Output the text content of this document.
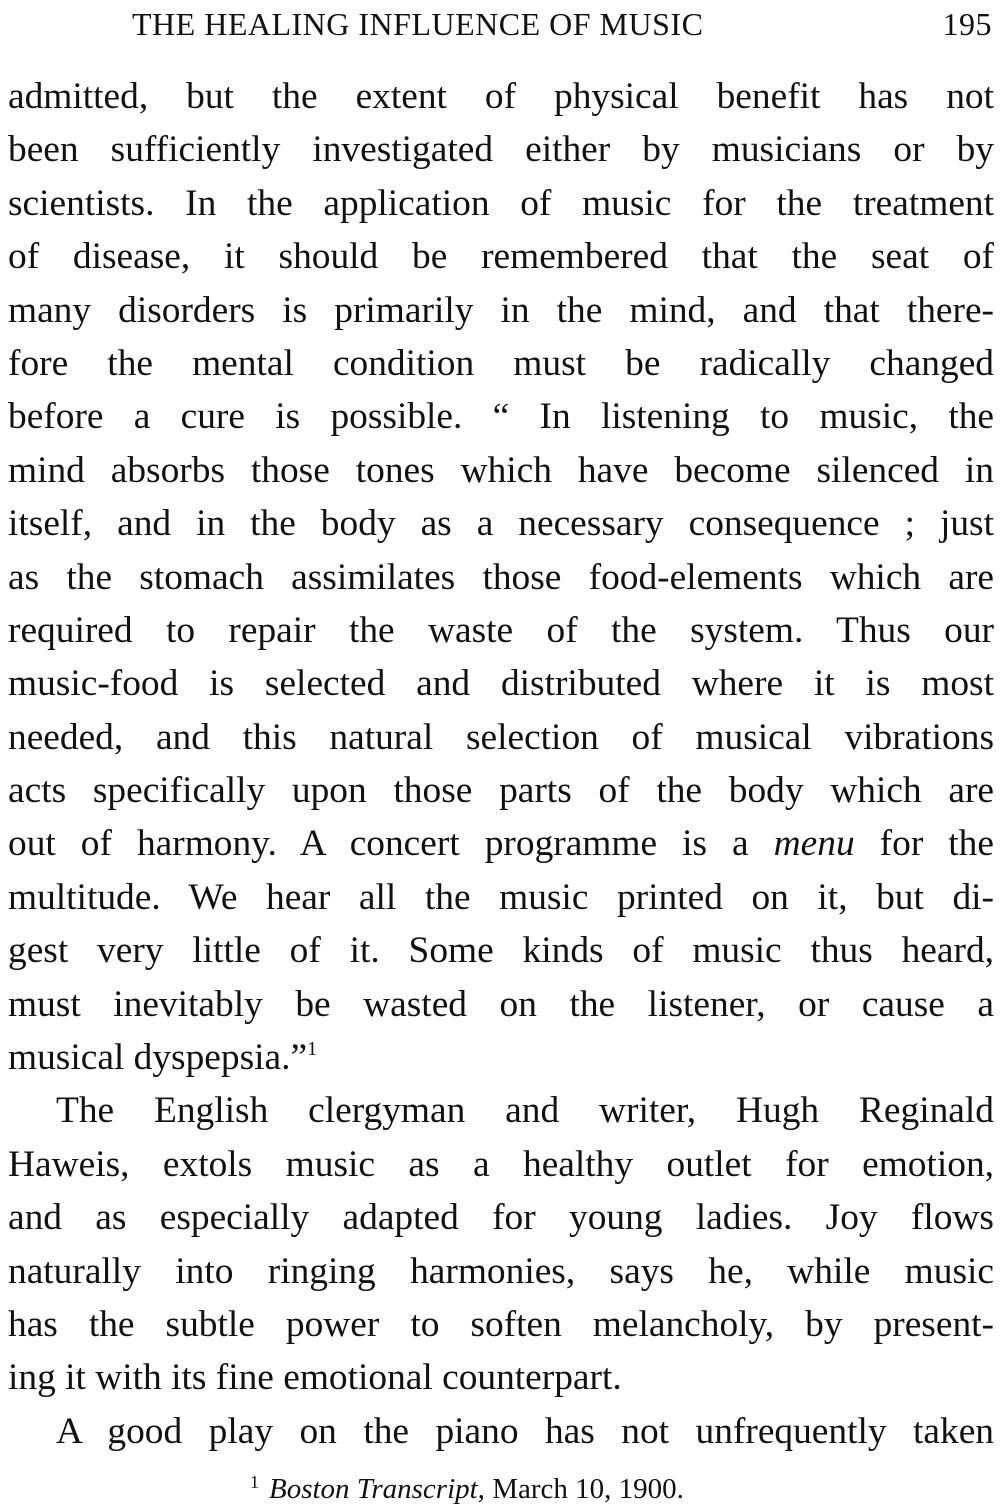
THE HEALING INFLUENCE OF MUSIC	195
admitted, but the extent of physical benefit has not
been sufficiently investigated either by musicians or by
scientists. In the application of music for the treatment
of disease, it should be remembered that the seat of
many disorders is primarily in the mind, and that there-
fore the mental condition must be radically changed
before a cure is possible. “ In listening to music, the
mind absorbs those tones which have become silenced in
itself, and in the body as a necessary consequence ; just
as the stomach assimilates those food-elements which are
required to repair the waste of the system. Thus our
music-food is selected and distributed where it is most
needed, and this natural selection of musical vibrations
acts specifically upon those parts of the body which are
out of harmony. A concert programme is a menu for the
multitude. We hear all the music printed on it, but di-
gest very little of it. Some kinds of music thus heard,
must inevitably be wasted on the listener, or cause a
musical dyspepsia.”$^1$
The English clergyman and writer, Hugh Reginald
Haweis, extols music as a healthy outlet for emotion,
and as especially adapted for young ladies. Joy flows
naturally into ringing harmonies, says he, while music
has the subtle power to soften melancholy, by present-
ing it with its fine emotional counterpart.
A good play on the piano has not unfrequently taken
$^1$ Boston Transcript, March 10, 1900.
